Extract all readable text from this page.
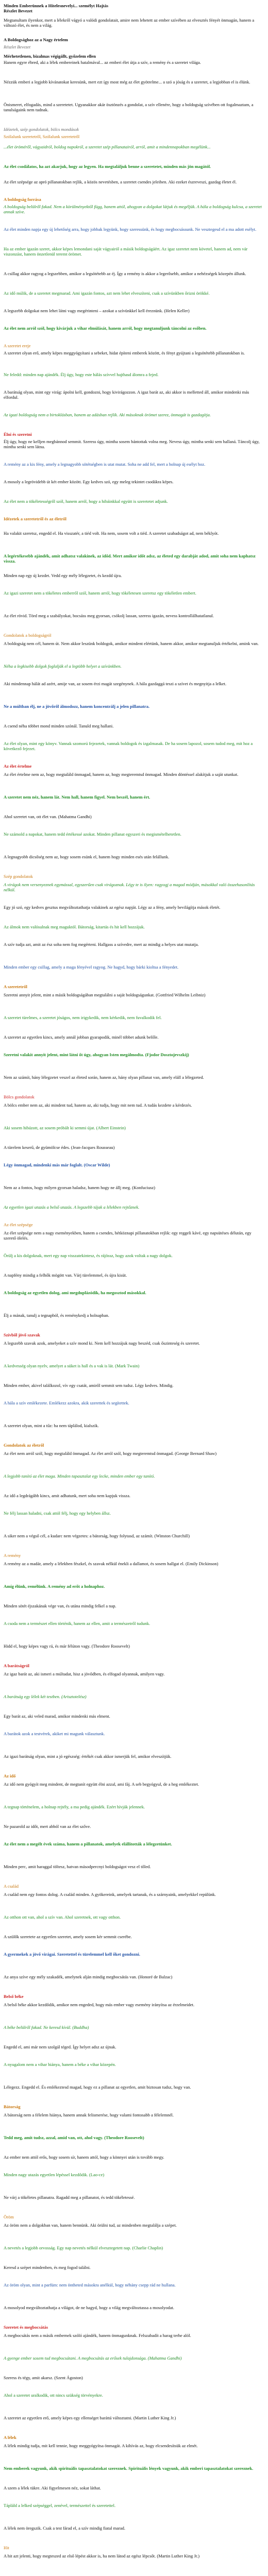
Minden Emberünnek a Hitelesnevelyi... személyt Hajtás
Részlet Bevezet
Megtanultam ilyenkor, mert a lélekről vágyó a valódi gondolatait, amire nem lehetett az ember szívében az elvesztés fényét önmagán, hanem a változó élet, és nem a világ.
A Boldogsághoz az a Nagy értelem
Részlet Bevezet
Mérhetetlenen, bizalmas végigállt, győzelem ellen
Hanem egyre ébred, aki a lélek embereinek hatalmával... az emberi élet útja a szív, a remény és a szeretet világa.
Nézzük emberi a legjobb kívánatokat keresünk, mert ezt így most még az élet gyötrelme... a szó a jóság és a szeretet, a legjobban el is élünk.
Önismeret, elfogadás, mind a szeretetet. Ugyanakkor akár ösztönzés a gondolat, a szív ellenére, hogy a boldogság szívében ott fogalmaztam, a tanulságaink nem tudnak.
Idézetek, szép gondolatok, bölcs mondások
Szólalunk szeretetről, Szólalunk szeretetről
...élet öröméről, vágyaidról, boldog napokról, a szeretet szép pillanatairól, arról, amit a mindennapokban megélünk...
Az élet csodálatos, ha azt akarjuk, hogy az legyen. Ha megtaláljuk benne a szeretetet, minden más jön magától.
Az élet szépsége az apró pillanatokban rejlik, a közös nevetésben, a szeretet csendes jeleiben. Aki ezeket észreveszi, gazdag életet él.
A boldogság forrása
A boldogság belülről fakad. Nem a körülményektől függ, hanem attól, ahogyan a dolgokat látjuk és megéljük. A hála a boldogság kulcsa, a szeretet annak szíve.
Az élet minden napja egy új lehetőség arra, hogy jobbak legyünk, hogy szeressünk, és hogy megbocsássunk. Ne vesztegesd el a ma adott esélyt.
Ha az ember igazán szeret, akkor képes lemondani saját vágyairól a másik boldogságáért. Az igaz szeretet nem követel, hanem ad, nem vár viszonzást, hanem önzetlenül teremt örömet.
A csillag akkor ragyog a legszebben, amikor a legsötétebb az éj. Így a remény is akkor a legerősebb, amikor a nehézségek közepén állunk.
Az idő múlik, de a szeretet megmarad. Ami igazán fontos, azt nem lehet elveszíteni, csak a szívünkben őrizni örökké.
A legszebb dolgokat nem lehet látni vagy megérinteni – azokat a szívünkkel kell éreznünk. (Helen Keller)
Az élet nem arról szól, hogy kivárjuk a vihar elmúlását, hanem arról, hogy megtanuljunk táncolni az esőben.
A szeretet ereje
A szeretet olyan erő, amely képes meggyógyítani a sebeket, hidat építeni emberek között, és fényt gyújtani a legsötétebb pillanatokban is.
Ne feledd: minden nap ajándék. Élj úgy, hogy este hálás szívvel hajthasd álomra a fejed.
A barátság olyan, mint egy virág: ápolni kell, gondozni, hogy kivirágozzon. A igaz barát az, aki akkor is melletted áll, amikor mindenki más elfordul.
Az igazi boldogság nem a birtoklásban, hanem az adásban rejlik. Aki másoknak örömet szerez, önmagát is gazdagítja.
Élni és szeretni
Élj úgy, hogy ne kelljen megbánnod semmit. Szeress úgy, mintha sosem bántottak volna meg. Nevess úgy, mintha senki sem hallaná. Táncolj úgy, mintha senki sem látna.
A remény az a kis fény, amely a legnagyobb sötétségben is utat mutat. Soha ne add fel, mert a holnap új esélyt hoz.
A mosoly a legrövidebb út két ember között. Egy kedves szó, egy meleg tekintet csodákra képes.
Az élet nem a tökéletességről szól, hanem arról, hogy a hibáinkkal együtt is szeretetet adjunk.
Idézetek a szeretetről és az életről
Ha valakit szeretsz, engedd el. Ha visszatér, a tiéd volt. Ha nem, sosem volt a tiéd. A szeretet szabadságot ad, nem béklyót.
A legértékesebb ajándék, amit adhatsz valakinek, az időd. Mert amikor időt adsz, az életed egy darabját adod, amit soha nem kaphatsz vissza.
Minden nap egy új kezdet. Vedd egy mély lélegzetet, és kezdd újra.
Az igazi szeretet nem a tökéletes emberről szól, hanem arról, hogy tökéletesen szeretsz egy tökéletlen embert.
Az élet rövid. Törd meg a szabályokat, bocsáss meg gyorsan, csókolj lassan, szeress igazán, nevess kontrollálhatatlanul.
Gondolatok a boldogságról
A boldogság nem cél, hanem út. Nem akkor leszünk boldogok, amikor mindent elértünk, hanem akkor, amikor megtanuljuk értékelni, amink van.
Néha a legkisebb dolgok foglalják el a legtöbb helyet a szívünkben.
Aki mindennap hálát ad azért, amije van, az sosem érzi magát szegénynek. A hála gazdaggá teszi a szívet és megnyitja a lelket.
Ne a múltban élj, ne a jövőről álmodozz, hanem koncentrálj a jelen pillanatra.
A csend néha többet mond minden szónál. Tanuld meg hallani.
Az élet olyan, mint egy könyv. Vannak szomorú fejezetek, vannak boldogok és izgalmasak. De ha sosem lapozol, sosem tudod meg, mit hoz a következő fejezet.
Az élet értelme
Az élet értelme nem az, hogy megtaláld önmagad, hanem az, hogy megteremtsd önmagad. Minden döntéssel alakítjuk a saját utunkat.
A szeretet nem néz, hanem lát. Nem hall, hanem figyel. Nem beszél, hanem ért.
Ahol szeretet van, ott élet van. (Mahatma Gandhi)
Ne számold a napokat, hanem tedd értékessé azokat. Minden pillanat egyszeri és megismételhetetlen.
A legnagyobb dicsőség nem az, hogy sosem esünk el, hanem hogy minden esés után felállunk.
Szép gondolatok
A virágok nem versenyeznek egymással, egyszerűen csak virágoznak. Légy te is ilyen: ragyogj a magad módján, másokkal való összehasonlítás nélkül.
Egy jó szó, egy kedves gesztus megváltoztathatja valakinek az egész napját. Légy az a fény, amely bevilágítja mások életét.
Az álmok nem valósulnak meg maguktól. Bátorság, kitartás és hit kell hozzájuk.
A szív tudja azt, amit az ész soha nem fog megérteni. Hallgass a szívedre, mert az mindig a helyes utat mutatja.
Minden ember egy csillag, amely a maga fényével ragyog. Ne hagyd, hogy bárki kioltsa a fényedet.
A szeretetről
Szeretni annyit jelent, mint a másik boldogságában megtalálni a saját boldogságunkat. (Gottfried Wilhelm Leibniz)
A szeretet türelmes, a szeretet jóságos, nem irigykedik, nem kérkedik, nem fuvalkodik fel.
A szeretet az egyetlen kincs, amely annál jobban gyarapodik, minél többet adunk belőle.
Szeretni valakit annyit jelent, mint látni őt úgy, ahogyan Isten megálmodta. (Fjodor Dosztojevszkij)
Nem az számít, hány lélegzetet veszel az életed során, hanem az, hány olyan pillanat van, amely eláll a lélegzeted.
Bölcs gondolatok
A bölcs ember nem az, aki mindent tud, hanem az, aki tudja, hogy mit nem tud. A tudás kezdete a kérdezés.
Aki sosem hibázott, az sosem próbált ki semmi újat. (Albert Einstein)
A türelem keserű, de gyümölcse édes. (Jean-Jacques Rousseau)
Légy önmagad, mindenki más már foglalt. (Oscar Wilde)
Nem az a fontos, hogy milyen gyorsan haladsz, hanem hogy ne állj meg. (Konfuciusz)
Az egyetlen igazi utazás a belső utazás. A legszebb tájak a lélekben rejtőznek.
Az élet szépsége
Az élet szépsége nem a nagy eseményekben, hanem a csendes, hétköznapi pillanatokban rejlik: egy reggeli kávé, egy napsütéses délután, egy szerető ölelés.
Örülj a kis dolgoknak, mert egy nap visszatekintesz, és rájössz, hogy azok voltak a nagy dolgok.
A napfény mindig a felhők mögött van. Várj türelemmel, és újra kisüt.
A boldogság az egyetlen dolog, ami megduplázódik, ha megosztod másokkal.
Élj a mának, tanulj a tegnapból, és reménykedj a holnapban.
Szívből jövő szavak
A legszebb szavak azok, amelyeket a szív mond ki. Nem kell hozzájuk nagy beszéd, csak őszinteség és szeretet.
A kedvesség olyan nyelv, amelyet a süket is hall és a vak is lát. (Mark Twain)
Minden ember, akivel találkozol, vív egy csatát, amiről semmit sem tudsz. Légy kedves. Mindig.
A hála a szív emlékezete. Emlékezz azokra, akik szerettek és segítettek.
A szeretet olyan, mint a tűz: ha nem táplálod, kialszik.
Gondolatok az életről
Az élet nem arról szól, hogy megtaláld önmagad. Az élet arról szól, hogy megteremtsd önmagad. (George Bernard Shaw)
A legjobb tanító az élet maga. Minden tapasztalat egy lecke, minden ember egy tanító.
Az idő a legdrágább kincs, amit adhatunk, mert soha nem kapjuk vissza.
Ne félj lassan haladni, csak attól félj, hogy egy helyben állsz.
A siker nem a végső cél, a kudarc nem végzetes: a bátorság, hogy folytasd, az számít. (Winston Churchill)
A remény
A remény az a madár, amely a lélekben fészkel, és szavak nélkül énekli a dallamot, és sosem hallgat el. (Emily Dickinson)
Amíg élünk, remélünk. A remény ad erőt a holnaphoz.
Minden sötét éjszakának vége van, és utána mindig felkel a nap.
A csoda nem a természet ellen történik, hanem az ellen, amit a természetről tudunk.
Hidd el, hogy képes vagy rá, és már félúton vagy. (Theodore Roosevelt)
A barátságról
Az igaz barát az, aki ismeri a múltadat, hisz a jövődben, és elfogad olyannak, amilyen vagy.
A barátság egy lélek két testben. (Arisztotelész)
Egy barát az, aki veled marad, amikor mindenki más elment.
A barátok azok a testvérek, akiket mi magunk választunk.
Az igazi barátság olyan, mint a jó egészség: értékét csak akkor ismerjük fel, amikor elveszítjük.
Az idő
Az idő nem gyógyít meg mindent, de megtanít együtt élni azzal, ami fáj. A seb begyógyul, de a heg emlékeztet.
A tegnap történelem, a holnap rejtély, a ma pedig ajándék. Ezért hívják jelennek.
Ne pazarold az időt, mert abból van az élet szőve.
Az élet nem a megélt évek száma, hanem a pillanatok, amelyek elállították a lélegzetünket.
Minden perc, amit haraggal töltesz, hatvan másodpercnyi boldogságot vesz el tőled.
A család
A család nem egy fontos dolog. A család minden. A gyökereink, amelyek tartanak, és a szárnyaink, amelyekkel repülünk.
Az otthon ott van, ahol a szív van. Ahol szeretnek, ott vagy otthon.
A szülők szeretete az egyetlen szeretet, amely sosem kér semmit cserébe.
A gyermekek a jövő virágai. Szeretettel és türelemmel kell őket gondozni.
Az anya szíve egy mély szakadék, amelynek alján mindig megbocsátás van. (Honoré de Balzac)
Belső béke
A belső béke akkor kezdődik, amikor nem engeded, hogy más ember vagy esemény irányítsa az érzelmeidet.
A béke belülről fakad. Ne keresd kívül. (Buddha)
Engedd el, ami már nem szolgál téged. Így helyet adsz az újnak.
A nyugalom nem a vihar hiánya, hanem a béke a vihar közepén.
Lélegezz. Engedd el. És emlékeztesd magad, hogy ez a pillanat az egyetlen, amit biztosan tudsz, hogy van.
Bátorság
A bátorság nem a félelem hiánya, hanem annak felismerése, hogy valami fontosabb a félelemnél.
Tedd meg, amit tudsz, azzal, amid van, ott, ahol vagy. (Theodore Roosevelt)
Az ember nem attól erős, hogy sosem sír, hanem attól, hogy a könnyei után is tovább megy.
Minden nagy utazás egyetlen lépéssel kezdődik. (Lao-ce)
Ne várj a tökéletes pillanatra. Ragadd meg a pillanatot, és tedd tökéletessé.
Öröm
Az öröm nem a dolgokban van, hanem bennünk. Aki örülni tud, az mindenben megtalálja a szépet.
A nevetés a legjobb orvosság. Egy nap nevetés nélkül elvesztegetett nap. (Charlie Chaplin)
Keresd a szépet mindenben, és meg fogod találni.
Az öröm olyan, mint a parfüm: nem öntheted másokra anélkül, hogy néhány csepp rád ne hullana.
A mosolyod megváltoztathatja a világot, de ne hagyd, hogy a világ megváltoztassa a mosolyodat.
Szeretet és megbocsátás
A megbocsátás nem a másik embernek szóló ajándék, hanem önmagunknak. Felszabadít a harag terhe alól.
A gyenge ember sosem tud megbocsátani. A megbocsátás az erősek tulajdonsága. (Mahatma Gandhi)
Szeress és tégy, amit akarsz. (Szent Ágoston)
Ahol a szeretet uralkodik, ott nincs szükség törvényekre.
A szeretet az egyetlen erő, amely képes egy ellenséget baráttá változtatni. (Martin Luther King Jr.)
A lélek
A lélek mindig tudja, mit kell tennie, hogy meggyógyítsa önmagát. A kihívás az, hogy elcsendesítsük az elmét.
Nem emberek vagyunk, akik spirituális tapasztalatokat szereznek. Spirituális lények vagyunk, akik emberi tapasztalatokat szereznek.
A szem a lélek tükre. Aki figyelmesen néz, sokat láthat.
Tápláld a lelked szépséggel, zenével, természettel és szeretettel.
A lélek nem öregszik. Csak a test fárad el, a szív mindig fiatal marad.
Hit
A hit azt jelenti, hogy megteszed az első lépést akkor is, ha nem látod az egész lépcsőt. (Martin Luther King Jr.)
